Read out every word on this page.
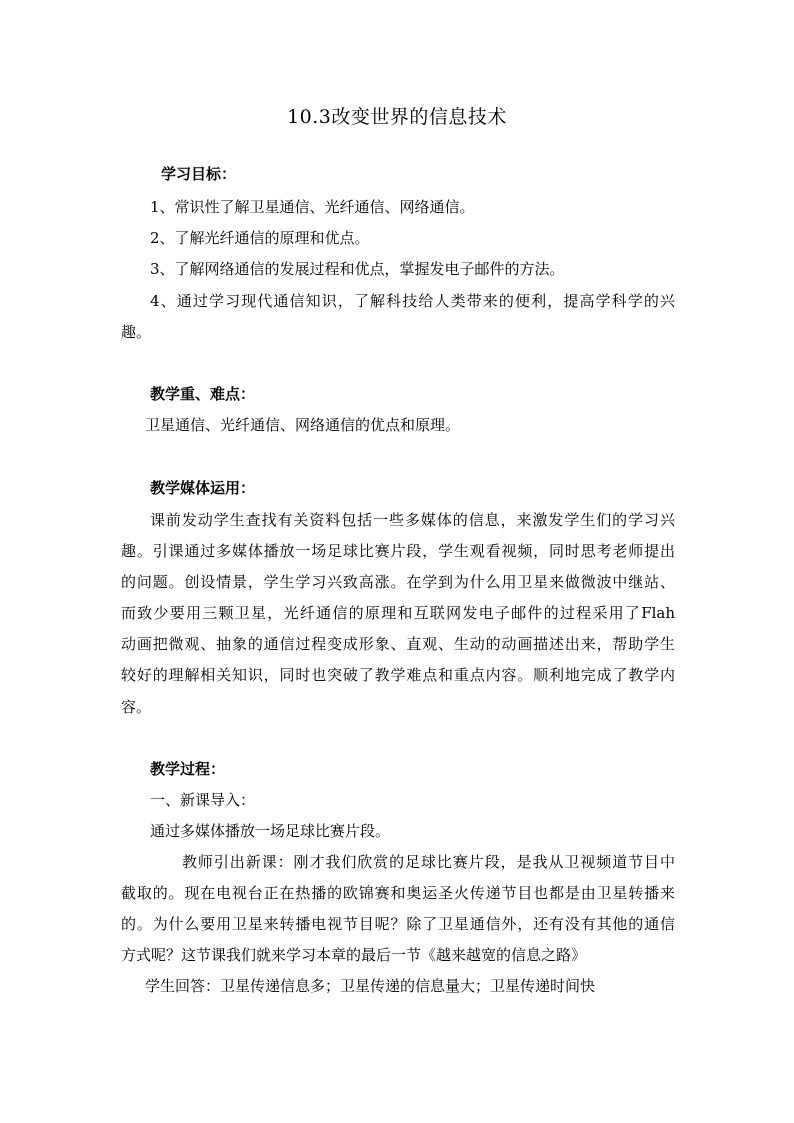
10.3改变世界的信息技术
学习目标：
1、常识性了解卫星通信、光纤通信、网络通信。
2、了解光纤通信的原理和优点。
3、了解网络通信的发展过程和优点，掌握发电子邮件的方法。
4、通过学习现代通信知识，了解科技给人类带来的便利，提高学科学的兴
趣。
教学重、难点：
卫星通信、光纤通信、网络通信的优点和原理。
教学媒体运用：
课前发动学生查找有关资料包括一些多媒体的信息，来激发学生们的学习兴
趣。引课通过多媒体播放一场足球比赛片段，学生观看视频，同时思考老师提出
的问题。创设情景，学生学习兴致高涨。在学到为什么用卫星来做微波中继站、
而致少要用三颗卫星，光纤通信的原理和互联网发电子邮件的过程采用了Flah
动画把微观、抽象的通信过程变成形象、直观、生动的动画描述出来，帮助学生
较好的理解相关知识，同时也突破了教学难点和重点内容。顺利地完成了教学内
容。
教学过程：
一、新课导入：
通过多媒体播放一场足球比赛片段。
教师引出新课：刚才我们欣赏的足球比赛片段，是我从卫视频道节目中
截取的。现在电视台正在热播的欧锦赛和奥运圣火传递节目也都是由卫星转播来
的。为什么要用卫星来转播电视节目呢？除了卫星通信外，还有没有其他的通信
方式呢？这节课我们就来学习本章的最后一节《越来越宽的信息之路》
学生回答：卫星传递信息多；卫星传递的信息量大；卫星传递时间快
